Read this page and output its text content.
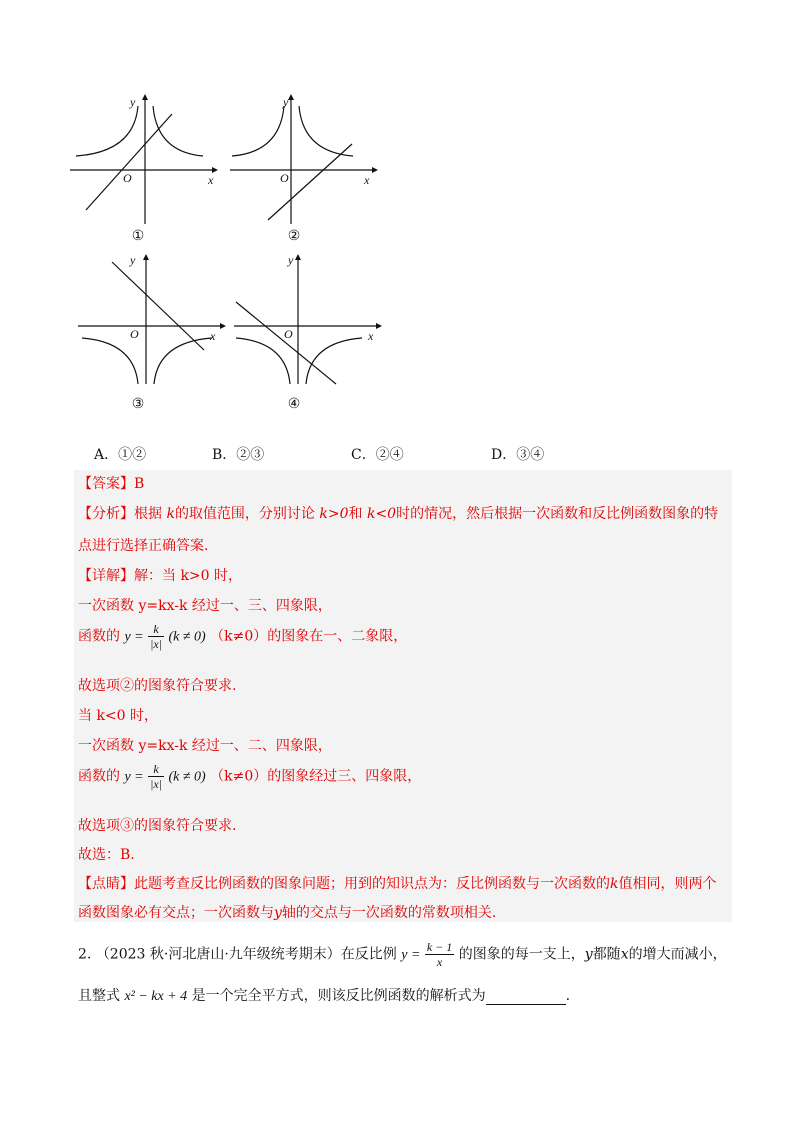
y
x
O
①
y
x
O
②
y
x
O
③
y
x
O
④
A．①②	B．②③	C．②④	D．③④
【答案】B
【分析】根据 k的取值范围，分别讨论 k>0和 k<0时的情况，然后根据一次函数和反比例函数图象的特
点进行选择正确答案.
【详解】解：当 k>0 时，
一次函数 y=kx-k 经过一、三、四象限，
函数的 $y = \frac{k}{|x|} (k \ne 0)$ （k≠0）的图象在一、二象限，
故选项②的图象符合要求.
当 k<0 时，
一次函数 y=kx-k 经过一、二、四象限，
函数的 $y = \frac{k}{|x|} (k \ne 0)$ （k≠0）的图象经过三、四象限，
故选项③的图象符合要求.
故选：B.
【点睛】此题考查反比例函数的图象问题；用到的知识点为：反比例函数与一次函数的k值相同，则两个
函数图象必有交点；一次函数与y轴的交点与一次函数的常数项相关.
2. （2023 秋·河北唐山·九年级统考期末）在反比例 $y = \frac{k - 1}{x}$ 的图象的每一支上，y都随x的增大而减小，
且整式 x² − kx + 4 是一个完全平方式，则该反比例函数的解析式为	.
